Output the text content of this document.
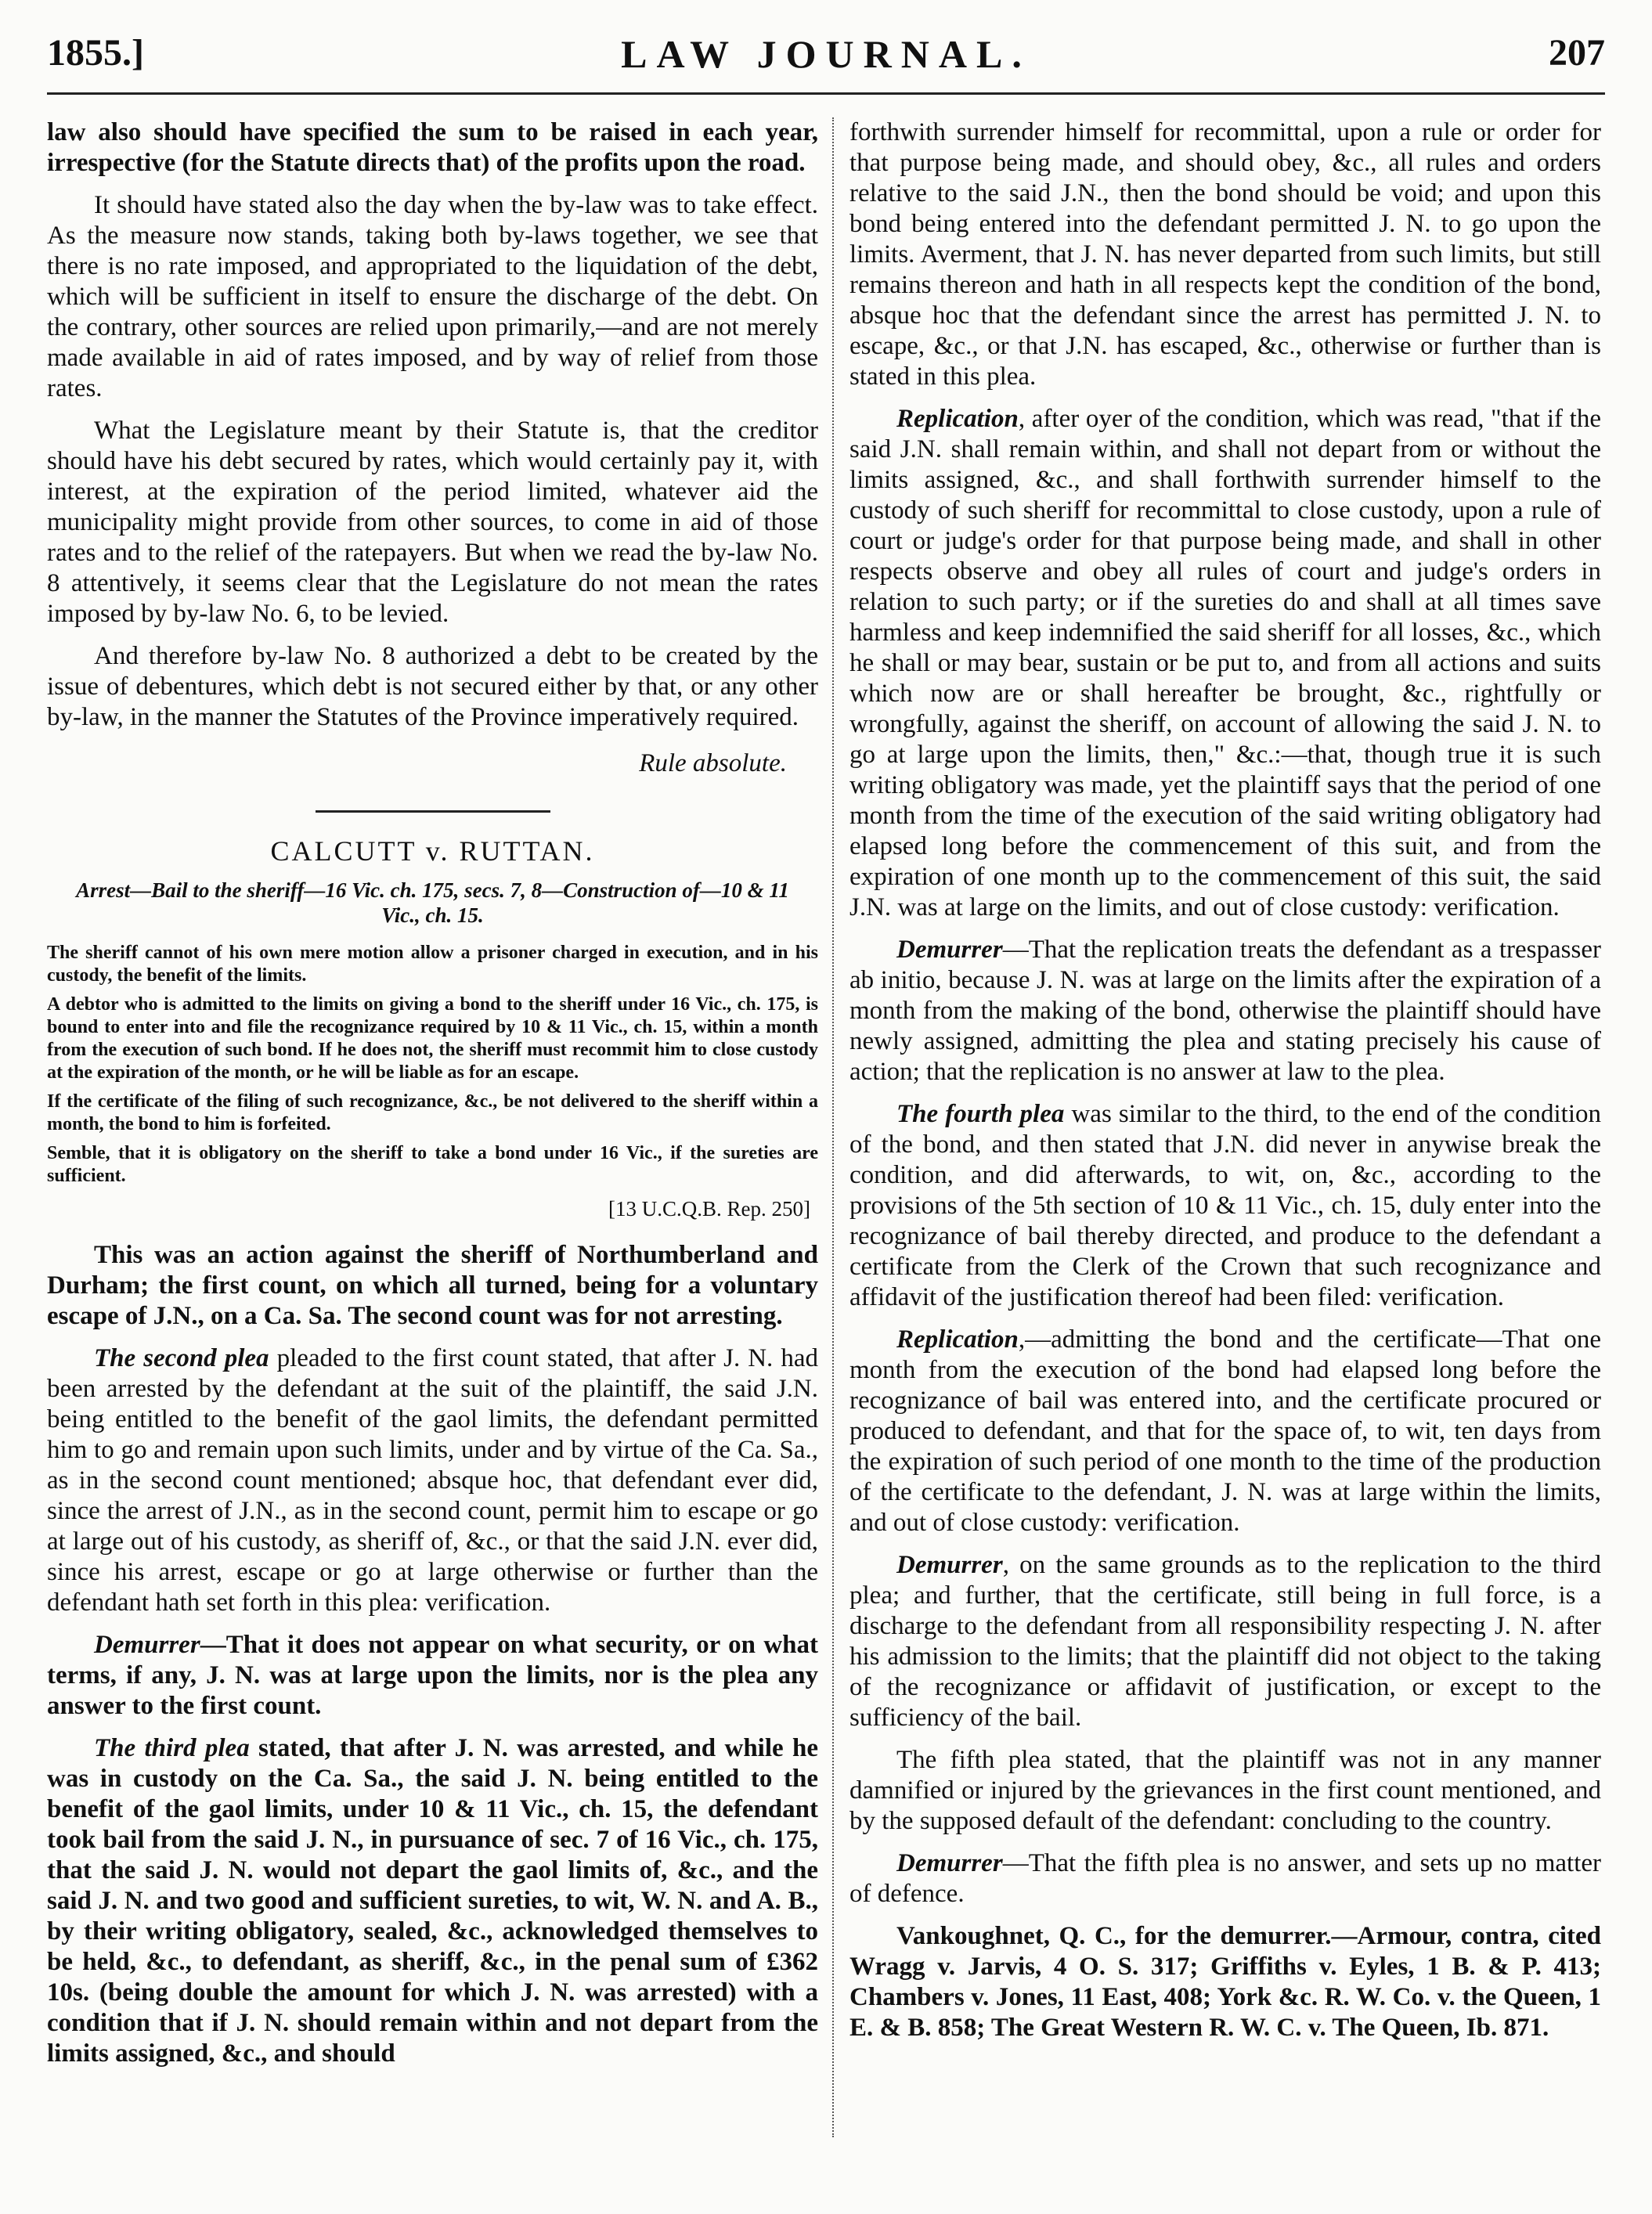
1855.]	LAW JOURNAL.	207

law also should have specified the sum to be raised in each year, irrespective (for the Statute directs that) of the profits upon the road.

It should have stated also the day when the by-law was to take effect. As the measure now stands, taking both by-laws together, we see that there is no rate imposed, and appropriated to the liquidation of the debt, which will be sufficient in itself to ensure the discharge of the debt. On the contrary, other sources are relied upon primarily,—and are not merely made available in aid of rates imposed, and by way of relief from those rates.

What the Legislature meant by their Statute is, that the creditor should have his debt secured by rates, which would certainly pay it, with interest, at the expiration of the period limited, whatever aid the municipality might provide from other sources, to come in aid of those rates and to the relief of the ratepayers. But when we read the by-law No. 8 attentively, it seems clear that the Legislature do not mean the rates imposed by by-law No. 6, to be levied.

And therefore by-law No. 8 authorized a debt to be created by the issue of debentures, which debt is not secured either by that, or any other by-law, in the manner the Statutes of the Province imperatively required.

Rule absolute.
CALCUTT v. RUTTAN.
Arrest—Bail to the sheriff—16 Vic. ch. 175, secs. 7, 8—Construction of—10 & 11 Vic., ch. 15.

The sheriff cannot of his own mere motion allow a prisoner charged in execution, and in his custody, the benefit of the limits.

A debtor who is admitted to the limits on giving a bond to the sheriff under 16 Vic., ch. 175, is bound to enter into and file the recognizance required by 10 & 11 Vic., ch. 15, within a month from the execution of such bond. If he does not, the sheriff must recommit him to close custody at the expiration of the month, or he will be liable as for an escape.

If the certificate of the filing of such recognizance, &c., be not delivered to the sheriff within a month, the bond to him is forfeited.

Semble, that it is obligatory on the sheriff to take a bond under 16 Vic., if the sureties are sufficient.

[13 U.C.Q.B. Rep. 250]

This was an action against the sheriff of Northumberland and Durham; the first count, on which all turned, being for a voluntary escape of J.N., on a Ca. Sa. The second count was for not arresting.

The second plea pleaded to the first count stated, that after J. N. had been arrested by the defendant at the suit of the plaintiff, the said J.N. being entitled to the benefit of the gaol limits, the defendant permitted him to go and remain upon such limits, under and by virtue of the Ca. Sa., as in the second count mentioned; absque hoc, that defendant ever did, since the arrest of J.N., as in the second count, permit him to escape or go at large out of his custody, as sheriff of, &c., or that the said J.N. ever did, since his arrest, escape or go at large otherwise or further than the defendant hath set forth in this plea: verification.

Demurrer—That it does not appear on what security, or on what terms, if any, J. N. was at large upon the limits, nor is the plea any answer to the first count.

The third plea stated, that after J. N. was arrested, and while he was in custody on the Ca. Sa., the said J. N. being entitled to the benefit of the gaol limits, under 10 & 11 Vic., ch. 15, the defendant took bail from the said J. N., in pursuance of sec. 7 of 16 Vic., ch. 175, that the said J. N. would not depart the gaol limits of, &c., and the said J. N. and two good and sufficient sureties, to wit, W. N. and A. B., by their writing obligatory, sealed, &c., acknowledged themselves to be held, &c., to defendant, as sheriff, &c., in the penal sum of £362 10s. (being double the amount for which J. N. was arrested) with a condition that if J. N. should remain within and not depart from the limits assigned, &c., and should

forthwith surrender himself for recommittal, upon a rule or order for that purpose being made, and should obey, &c., all rules and orders relative to the said J.N., then the bond should be void; and upon this bond being entered into the defendant permitted J. N. to go upon the limits. Averment, that J. N. has never departed from such limits, but still remains thereon and hath in all respects kept the condition of the bond, absque hoc that the defendant since the arrest has permitted J. N. to escape, &c., or that J.N. has escaped, &c., otherwise or further than is stated in this plea.

Replication, after oyer of the condition, which was read, "that if the said J.N. shall remain within, and shall not depart from or without the limits assigned, &c., and shall forthwith surrender himself to the custody of such sheriff for recommittal to close custody, upon a rule of court or judge's order for that purpose being made, and shall in other respects observe and obey all rules of court and judge's orders in relation to such party; or if the sureties do and shall at all times save harmless and keep indemnified the said sheriff for all losses, &c., which he shall or may bear, sustain or be put to, and from all actions and suits which now are or shall hereafter be brought, &c., rightfully or wrongfully, against the sheriff, on account of allowing the said J. N. to go at large upon the limits, then," &c.:—that, though true it is such writing obligatory was made, yet the plaintiff says that the period of one month from the time of the execution of the said writing obligatory had elapsed long before the commencement of this suit, and from the expiration of one month up to the commencement of this suit, the said J.N. was at large on the limits, and out of close custody: verification.

Demurrer—That the replication treats the defendant as a trespasser ab initio, because J. N. was at large on the limits after the expiration of a month from the making of the bond, otherwise the plaintiff should have newly assigned, admitting the plea and stating precisely his cause of action; that the replication is no answer at law to the plea.

The fourth plea was similar to the third, to the end of the condition of the bond, and then stated that J.N. did never in anywise break the condition, and did afterwards, to wit, on, &c., according to the provisions of the 5th section of 10 & 11 Vic., ch. 15, duly enter into the recognizance of bail thereby directed, and produce to the defendant a certificate from the Clerk of the Crown that such recognizance and affidavit of the justification thereof had been filed: verification.

Replication,—admitting the bond and the certificate—That one month from the execution of the bond had elapsed long before the recognizance of bail was entered into, and the certificate procured or produced to defendant, and that for the space of, to wit, ten days from the expiration of such period of one month to the time of the production of the certificate to the defendant, J. N. was at large within the limits, and out of close custody: verification.

Demurrer, on the same grounds as to the replication to the third plea; and further, that the certificate, still being in full force, is a discharge to the defendant from all responsibility respecting J. N. after his admission to the limits; that the plaintiff did not object to the taking of the recognizance or affidavit of justification, or except to the sufficiency of the bail.

The fifth plea stated, that the plaintiff was not in any manner damnified or injured by the grievances in the first count mentioned, and by the supposed default of the defendant: concluding to the country.

Demurrer—That the fifth plea is no answer, and sets up no matter of defence.

Vankoughnet, Q. C., for the demurrer.—Armour, contra, cited Wragg v. Jarvis, 4 O. S. 317; Griffiths v. Eyles, 1 B. & P. 413; Chambers v. Jones, 11 East, 408; York &c. R. W. Co. v. the Queen, 1 E. & B. 858; The Great Western R. W. C. v. The Queen, Ib. 871.
